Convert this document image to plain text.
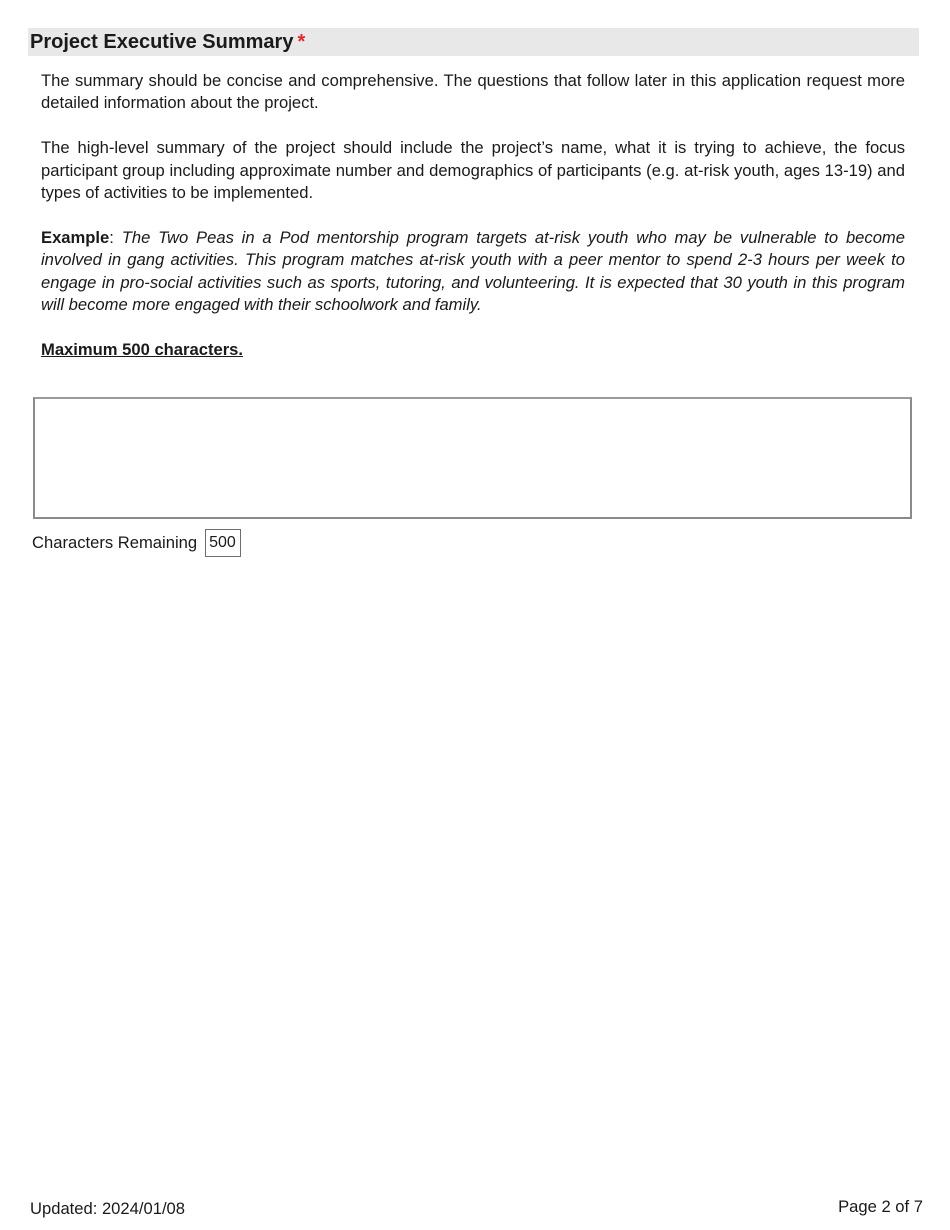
Project Executive Summary *

The summary should be concise and comprehensive. The questions that follow later in this application request more detailed information about the project.

The high-level summary of the project should include the project’s name, what it is trying to achieve, the focus participant group including approximate number and demographics of participants (e.g. at-risk youth, ages 13-19) and types of activities to be implemented.

Example: The Two Peas in a Pod mentorship program targets at-risk youth who may be vulnerable to become involved in gang activities. This program matches at-risk youth with a peer mentor to spend 2-3 hours per week to engage in pro-social activities such as sports, tutoring, and volunteering. It is expected that 30 youth in this program will become more engaged with their schoolwork and family.

Maximum 500 characters.

Characters Remaining 500
Updated: 2024/01/08	Page 2 of 7
